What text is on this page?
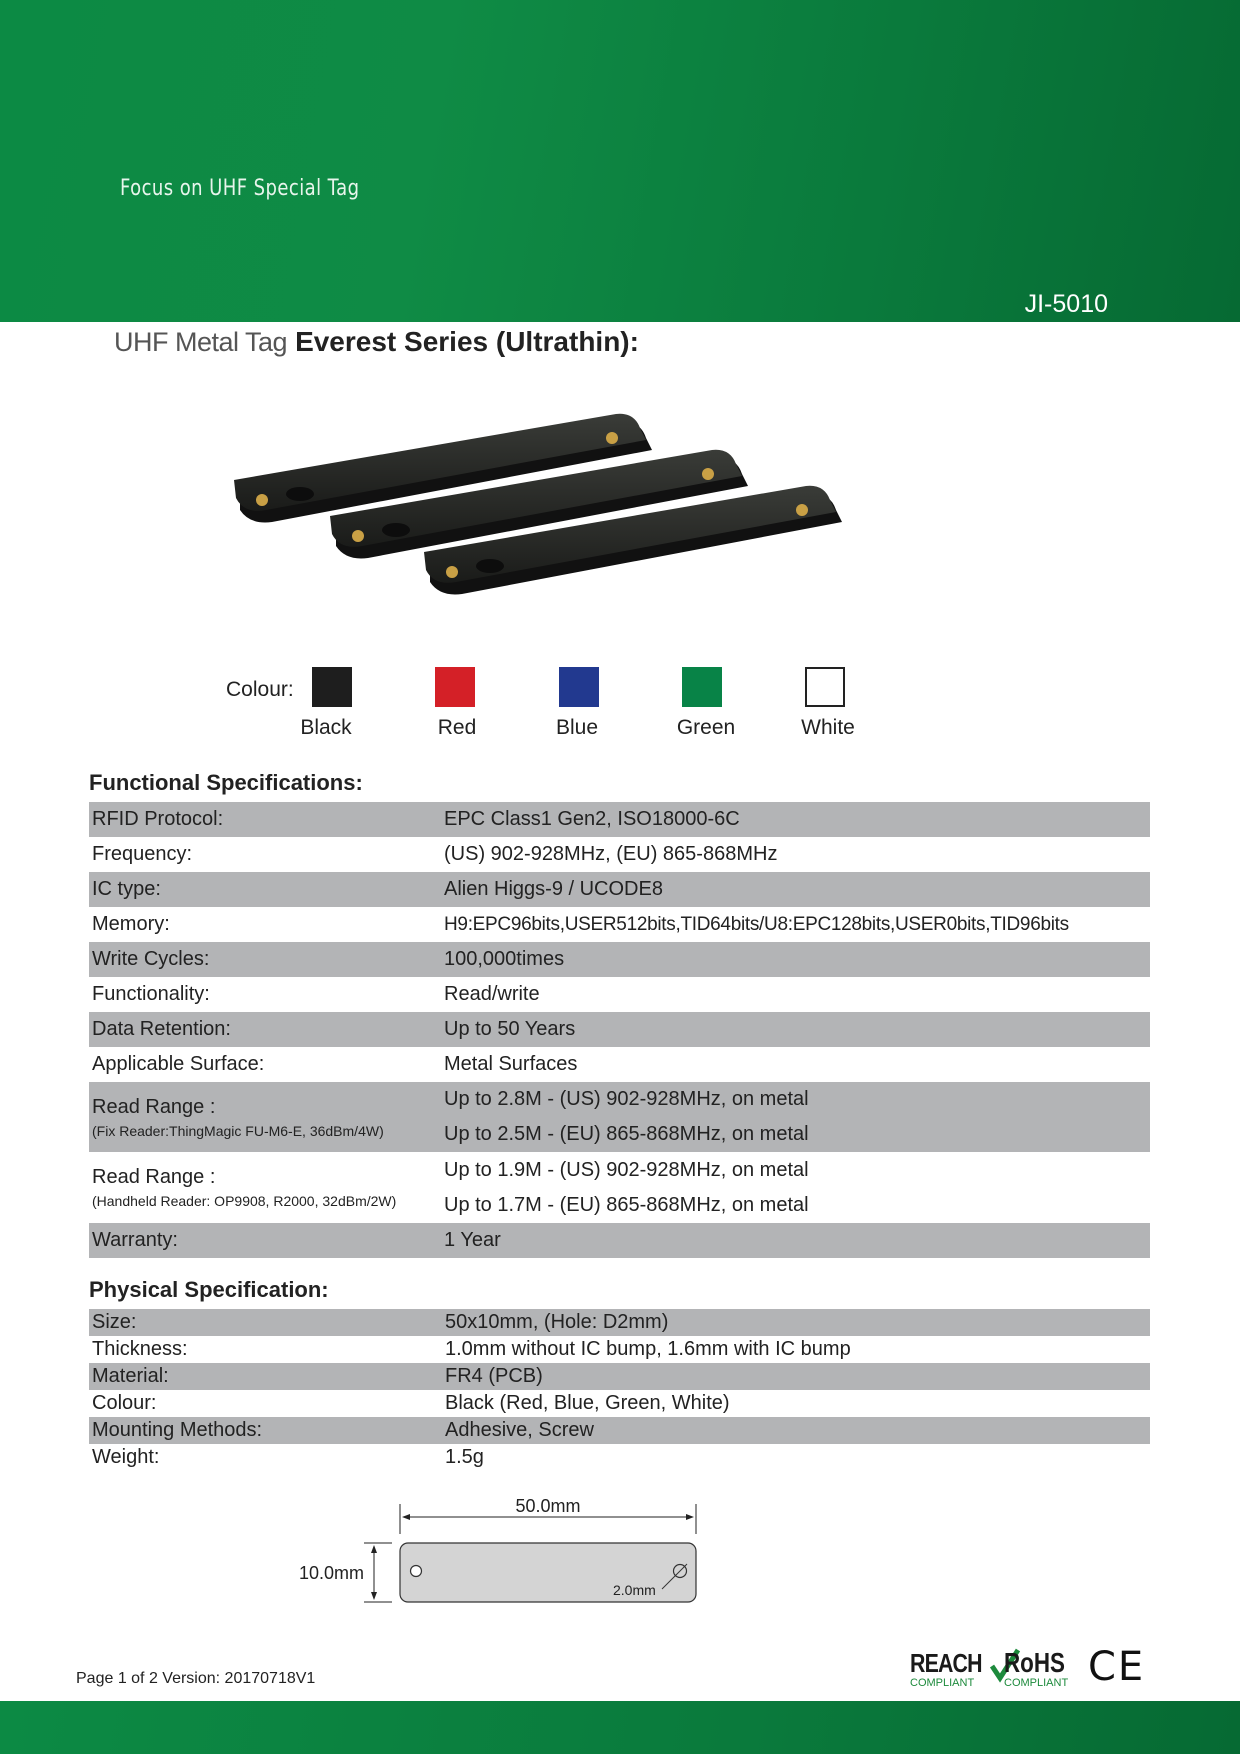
Focus on UHF Special Tag
JI-5010
UHF Metal Tag Everest Series (Ultrathin):
Colour:
Black	Red	Blue	Green	White
Functional Specifications:
RFID Protocol:	EPC Class1 Gen2, ISO18000-6C
Frequency:	(US) 902-928MHz, (EU) 865-868MHz
IC type:	Alien Higgs-9 / UCODE8
Memory:	H9:EPC96bits,USER512bits,TID64bits/U8:EPC128bits,USER0bits,TID96bits
Write Cycles:	100,000times
Functionality:	Read/write
Data Retention:	Up to 50 Years
Applicable Surface:	Metal Surfaces
Read Range :
(Fix Reader:ThingMagic FU-M6-E, 36dBm/4W)
Up to 2.8M - (US) 902-928MHz, on metal
Up to 2.5M - (EU) 865-868MHz, on metal
Read Range :
(Handheld Reader: OP9908, R2000, 32dBm/2W)
Up to 1.9M - (US) 902-928MHz, on metal
Up to 1.7M - (EU) 865-868MHz, on metal
Warranty:	1 Year
Physical Specification:
Size:	50x10mm, (Hole: D2mm)
Thickness:	1.0mm without IC bump, 1.6mm with IC bump
Material:	FR4 (PCB)
Colour:	Black (Red, Blue, Green, White)
Mounting Methods:	Adhesive, Screw
Weight:	1.5g
50.0mm
10.0mm
2.0mm
Page 1 of 2 Version: 20170718V1
REACH
COMPLIANT
RoHS
COMPLIANT CE
